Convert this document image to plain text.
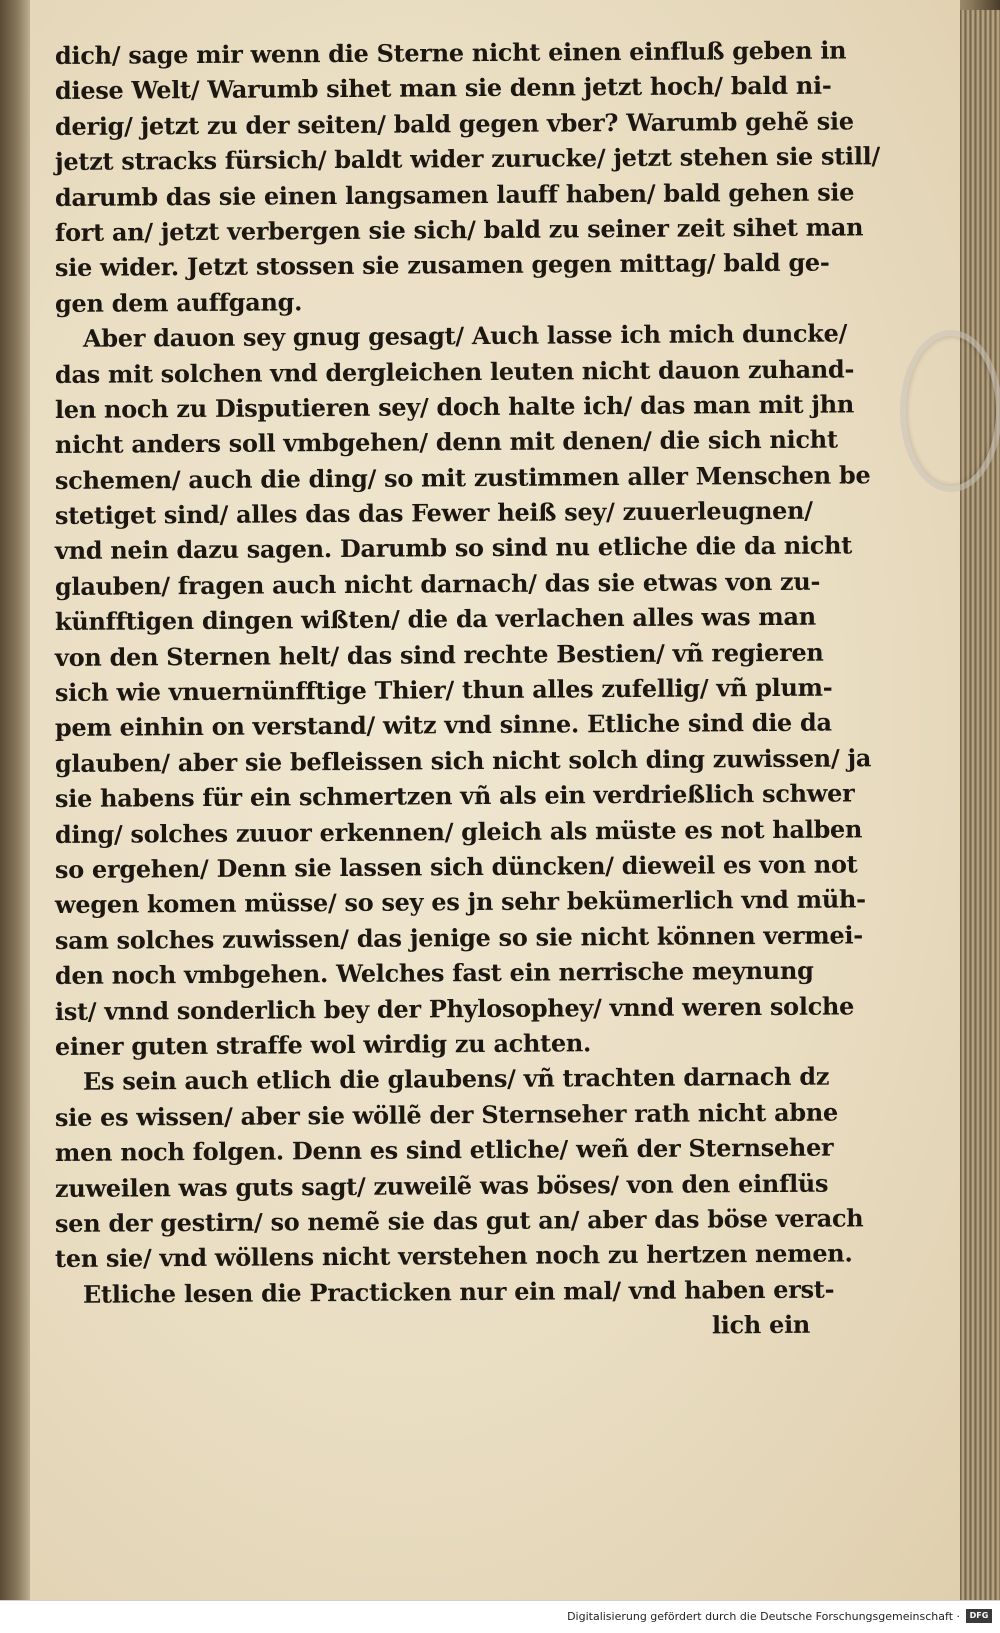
dich/ sage mir wenn die Sterne nicht einen einfluß geben in
diese Welt/ Warumb sihet man sie denn jetzt hoch/ bald ni-
derig/ jetzt zu der seiten/ bald gegen vber? Warumb gehẽ sie
jetzt stracks fürsich/ baldt wider zurucke/ jetzt stehen sie still/
darumb das sie einen langsamen lauff haben/ bald gehen sie
fort an/ jetzt verbergen sie sich/ bald zu seiner zeit sihet man
sie wider. Jetzt stossen sie zusamen gegen mittag/ bald ge-
gen dem auffgang.
Aber dauon sey gnug gesagt/ Auch lasse ich mich duncke/
das mit solchen vnd dergleichen leuten nicht dauon zuhand-
len noch zu Disputieren sey/ doch halte ich/ das man mit jhn
nicht anders soll vmbgehen/ denn mit denen/ die sich nicht
schemen/ auch die ding/ so mit zustimmen aller Menschen be
stetiget sind/ alles das das Fewer heiß sey/ zuuerleugnen/
vnd nein dazu sagen. Darumb so sind nu etliche die da nicht
glauben/ fragen auch nicht darnach/ das sie etwas von zu-
künfftigen dingen wißten/ die da verlachen alles was man
von den Sternen helt/ das sind rechte Bestien/ vñ regieren
sich wie vnuernünfftige Thier/ thun alles zufellig/ vñ plum-
pem einhin on verstand/ witz vnd sinne. Etliche sind die da
glauben/ aber sie befleissen sich nicht solch ding zuwissen/ ja
sie habens für ein schmertzen vñ als ein verdrießlich schwer
ding/ solches zuuor erkennen/ gleich als müste es not halben
so ergehen/ Denn sie lassen sich düncken/ dieweil es von not
wegen komen müsse/ so sey es jn sehr bekümerlich vnd müh-
sam solches zuwissen/ das jenige so sie nicht können vermei-
den noch vmbgehen. Welches fast ein nerrische meynung
ist/ vnnd sonderlich bey der Phylosophey/ vnnd weren solche
einer guten straffe wol wirdig zu achten.
Es sein auch etlich die glaubens/ vñ trachten darnach dz
sie es wissen/ aber sie wöllẽ der Sternseher rath nicht abne
men noch folgen. Denn es sind etliche/ weñ der Sternseher
zuweilen was guts sagt/ zuweilẽ was böses/ von den einflüs
sen der gestirn/ so nemẽ sie das gut an/ aber das böse verach
ten sie/ vnd wöllens nicht verstehen noch zu hertzen nemen.
Etliche lesen die Practicken nur ein mal/ vnd haben erst-
lich ein
Digitalisierung gefördert durch die Deutsche Forschungsgemeinschaft ·	DFG
